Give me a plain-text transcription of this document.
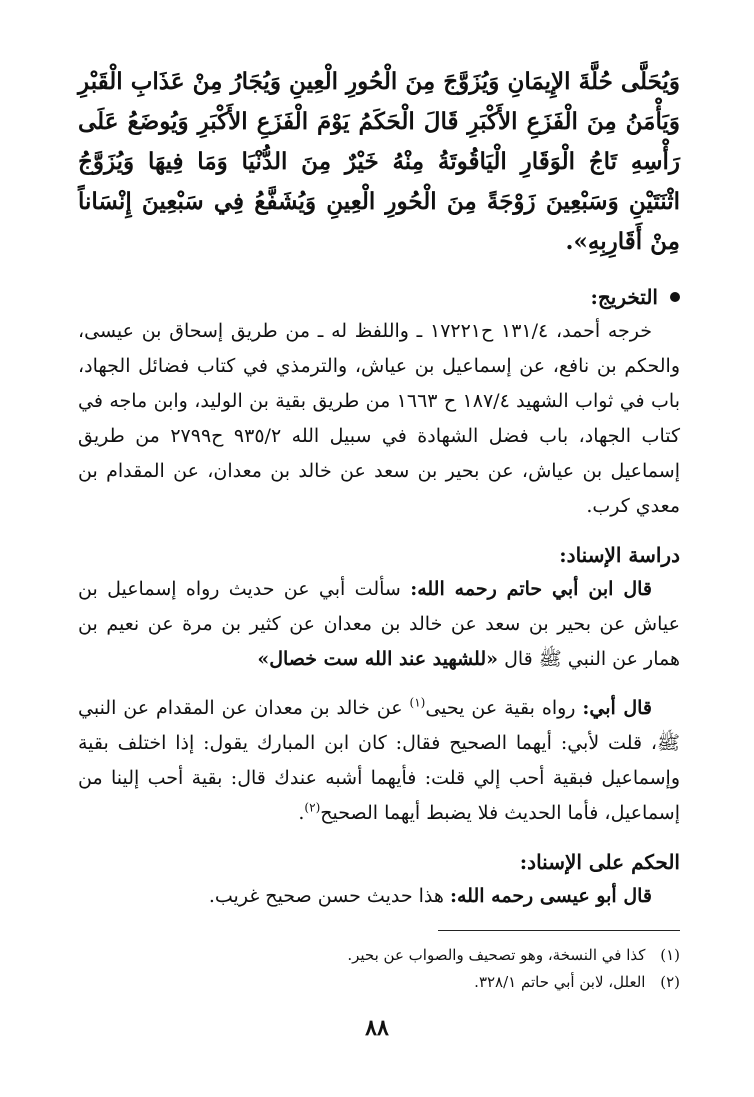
وَيُحَلَّى حُلَّةَ الإِيمَانِ وَيُزَوَّجَ مِنَ الْحُورِ الْعِينِ وَيُجَارُ مِنْ عَذَابِ الْقَبْرِ وَيَأْمَنُ مِنَ الْفَزَعِ الأَكْبَرِ قَالَ الْحَكَمُ يَوْمَ الْفَزَعِ الأَكْبَرِ وَيُوضَعُ عَلَى رَأْسِهِ تَاجُ الْوَقَارِ الْيَاقُوتَةُ مِنْهُ خَيْرٌ مِنَ الدُّنْيَا وَمَا فِيهَا وَيُزَوَّجُ اثْنَتَيْنِ وَسَبْعِينَ زَوْجَةً مِنَ الْحُورِ الْعِينِ وَيُشَفَّعُ فِي سَبْعِينَ إِنْسَاناً مِنْ أَقَارِبِهِ».

التخريج:

خرجه أحمد، ١٣١/٤ ح١٧٢٢١ ـ واللفظ له ـ من طريق إسحاق بن عيسى، والحكم بن نافع، عن إسماعيل بن عياش، والترمذي في كتاب فضائل الجهاد، باب في ثواب الشهيد ١٨٧/٤ ح ١٦٦٣ من طريق بقية بن الوليد، وابن ماجه في كتاب الجهاد، باب فضل الشهادة في سبيل الله ٩٣٥/٢ ح٢٧٩٩ من طريق إسماعيل بن عياش، عن بحير بن سعد عن خالد بن معدان، عن المقدام بن معدي كرب.

دراسة الإسناد:

قال ابن أبي حاتم رحمه الله: سألت أبي عن حديث رواه إسماعيل بن عياش عن بحير بن سعد عن خالد بن معدان عن كثير بن مرة عن نعيم بن همار عن النبي ﷺ قال «للشهيد عند الله ست خصال»

قال أبي: رواه بقية عن يحيى$^{(١)}$ عن خالد بن معدان عن المقدام عن النبي ﷺ، قلت لأبي: أيهما الصحيح فقال: كان ابن المبارك يقول: إذا اختلف بقية وإسماعيل فبقية أحب إلي قلت: فأيهما أشبه عندك قال: بقية أحب إلينا من إسماعيل، فأما الحديث فلا يضبط أيهما الصحيح$^{(٢)}$.

الحكم على الإسناد:

قال أبو عيسى رحمه الله: هذا حديث حسن صحيح غريب.

(١) كذا في النسخة، وهو تصحيف والصواب عن بحير.
(٢) العلل، لابن أبي حاتم ٣٢٨/١.
٨٨
